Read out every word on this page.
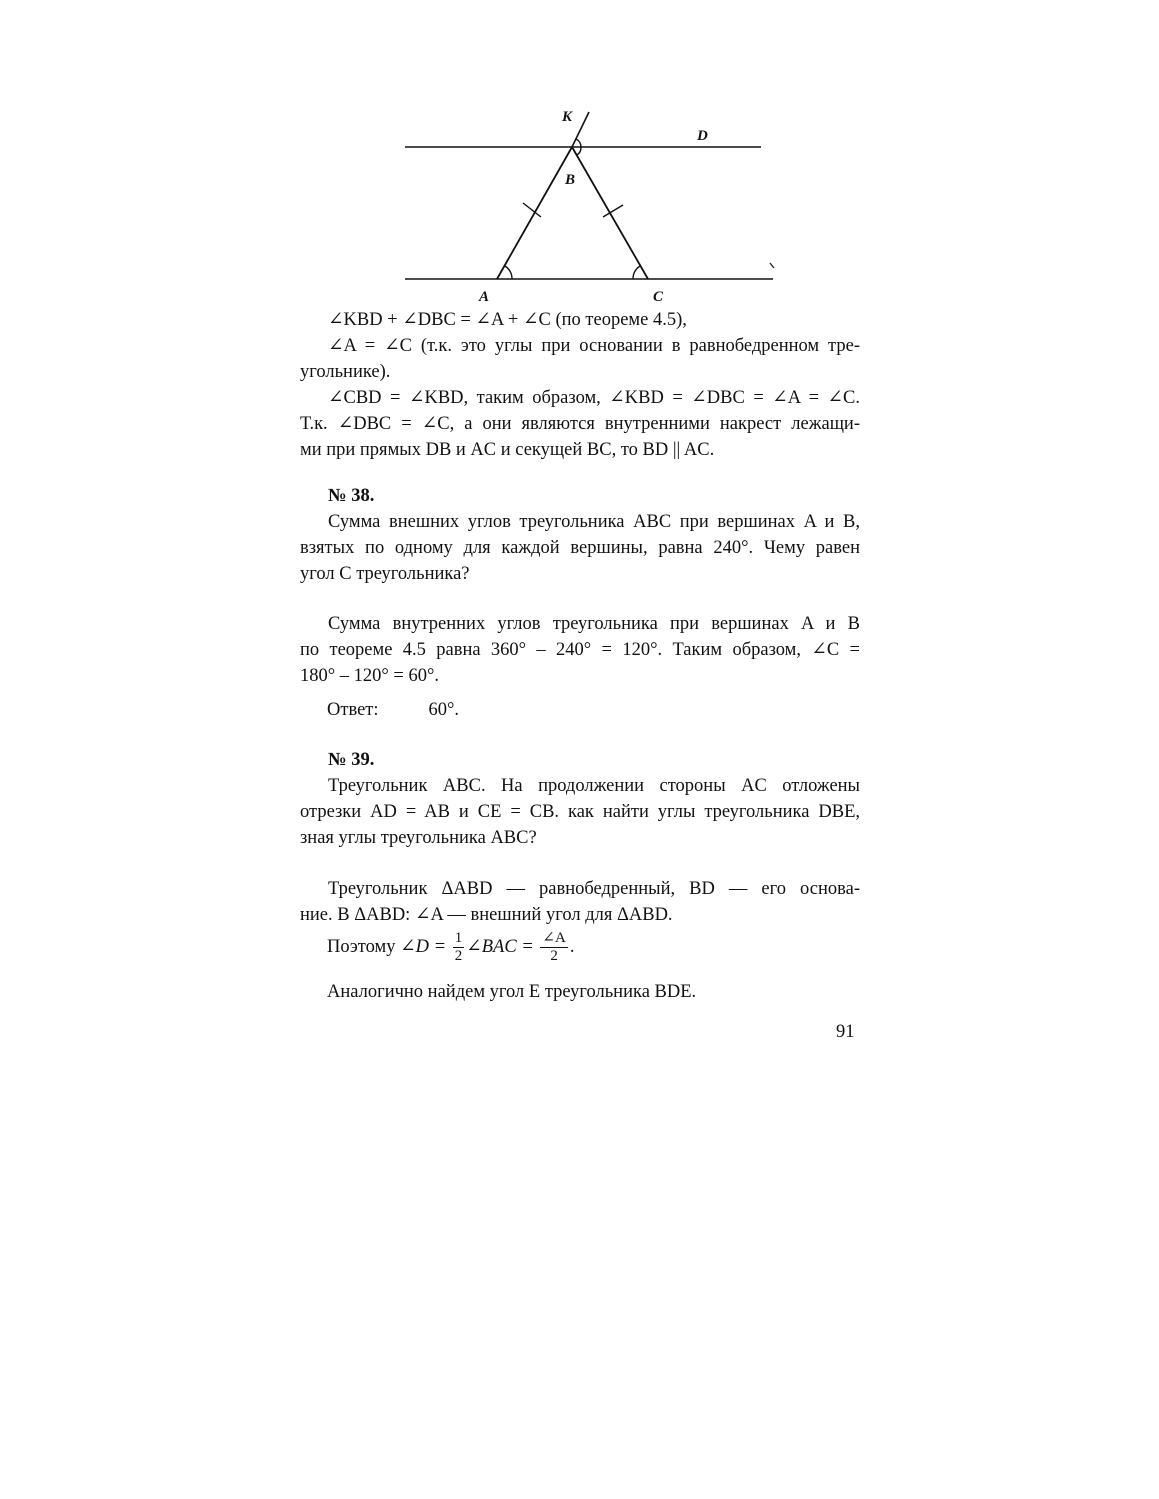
K
D
B
A	C

∠KBD + ∠DBC = ∠A + ∠C (по теореме 4.5),

∠A = ∠C (т.к. это углы при основании в равнобедренном тре-

угольнике).

∠CBD = ∠KBD, таким образом, ∠KBD = ∠DBC = ∠A = ∠C.

Т.к. ∠DBC = ∠C, а они являются внутренними накрест лежащи-

ми при прямых DB и AC и секущей BC, то BD || AC.

№ 38.

Сумма внешних углов треугольника ABC при вершинах A и B,

взятых по одному для каждой вершины, равна 240°. Чему равен

угол C треугольника?

Сумма внутренних углов треугольника при вершинах A и B

по теореме 4.5 равна 360° – 240° = 120°. Таким образом, ∠C =

180° – 120° = 60°.

Ответ:	60°.

№ 39.

Треугольник ABC. На продолжении стороны AC отложены

отрезки AD = AB и CE = CB. как найти углы треугольника DBE,

зная углы треугольника ABC?

Треугольник ΔABD — равнобедренный, BD — его основа-

ние. В ΔABD: ∠A — внешний угол для ΔABD.

Поэтому ∠D = $\frac{1}{2}$ ∠BAC = $\frac{\angle A}{2}$ .

Аналогично найдем угол E треугольника BDE.

91
